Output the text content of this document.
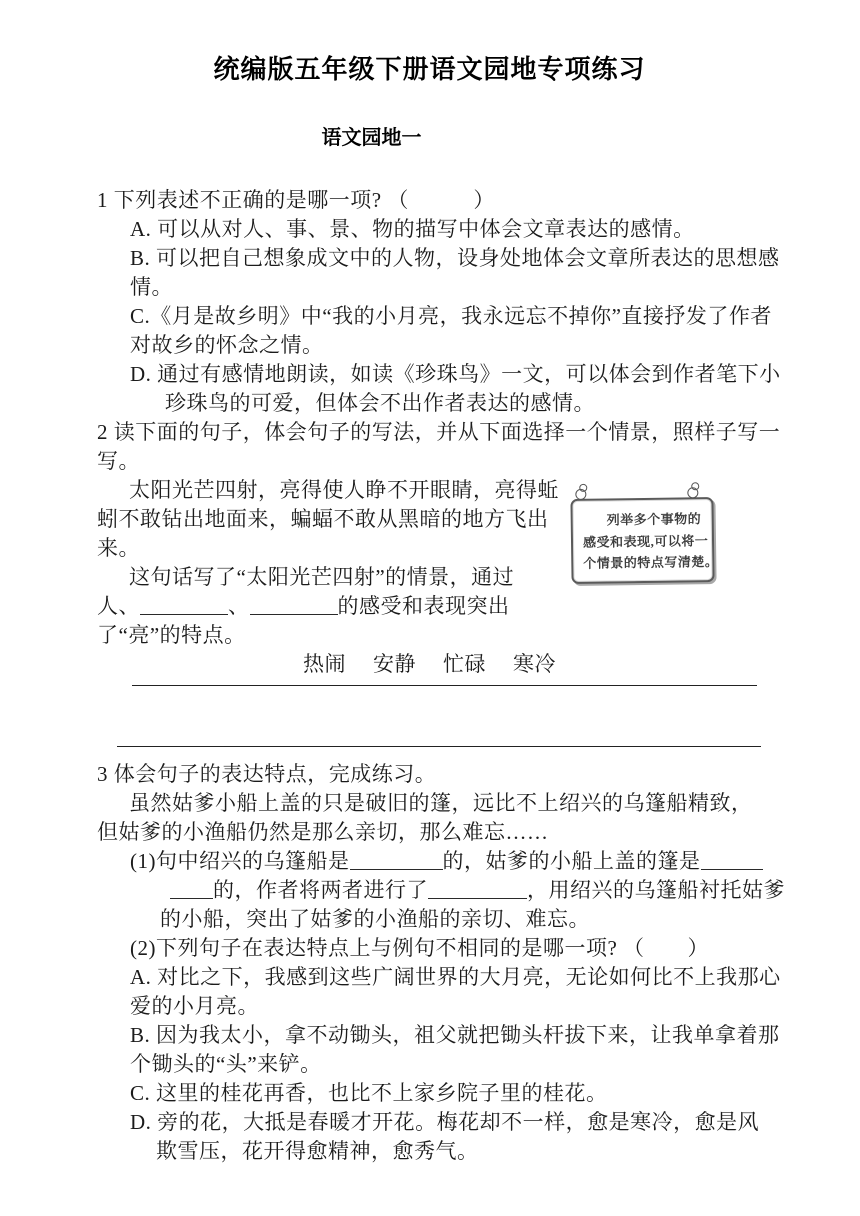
统编版五年级下册语文园地专项练习
语文园地一
1 下列表述不正确的是哪一项? （　　　）
A. 可以从对人、事、景、物的描写中体会文章表达的感情。
B. 可以把自己想象成文中的人物，设身处地体会文章所表达的思想感
情。
C.《月是故乡明》中“我的小月亮，我永远忘不掉你”直接抒发了作者
对故乡的怀念之情。
D. 通过有感情地朗读，如读《珍珠鸟》一文，可以体会到作者笔下小
珍珠鸟的可爱，但体会不出作者表达的感情。
2 读下面的句子，体会句子的写法，并从下面选择一个情景，照样子写一
写。
太阳光芒四射，亮得使人睁不开眼睛，亮得蚯
蚓不敢钻出地面来，蝙蝠不敢从黑暗的地方飞出
来。
这句话写了“太阳光芒四射”的情景，通过
人、	、	的感受和表现突出
了“亮”的特点。
列举多个事物的
感受和表现,可以将一
个情景的特点写清楚。
热闹 安静 忙碌 寒冷
3 体会句子的表达特点，完成练习。
虽然姑爹小船上盖的只是破旧的篷，远比不上绍兴的乌篷船精致，
但姑爹的小渔船仍然是那么亲切，那么难忘……
(1)句中绍兴的乌篷船是	的，姑爹的小船上盖的篷是
的，作者将两者进行了	，用绍兴的乌篷船衬托姑爹
的小船，突出了姑爹的小渔船的亲切、难忘。
(2)下列句子在表达特点上与例句不相同的是哪一项? （　　）
A. 对比之下，我感到这些广阔世界的大月亮，无论如何比不上我那心
爱的小月亮。
B. 因为我太小，拿不动锄头，祖父就把锄头杆拔下来，让我单拿着那
个锄头的“头”来铲。
C. 这里的桂花再香，也比不上家乡院子里的桂花。
D. 旁的花，大抵是春暖才开花。梅花却不一样，愈是寒冷，愈是风
欺雪压，花开得愈精神，愈秀气。
